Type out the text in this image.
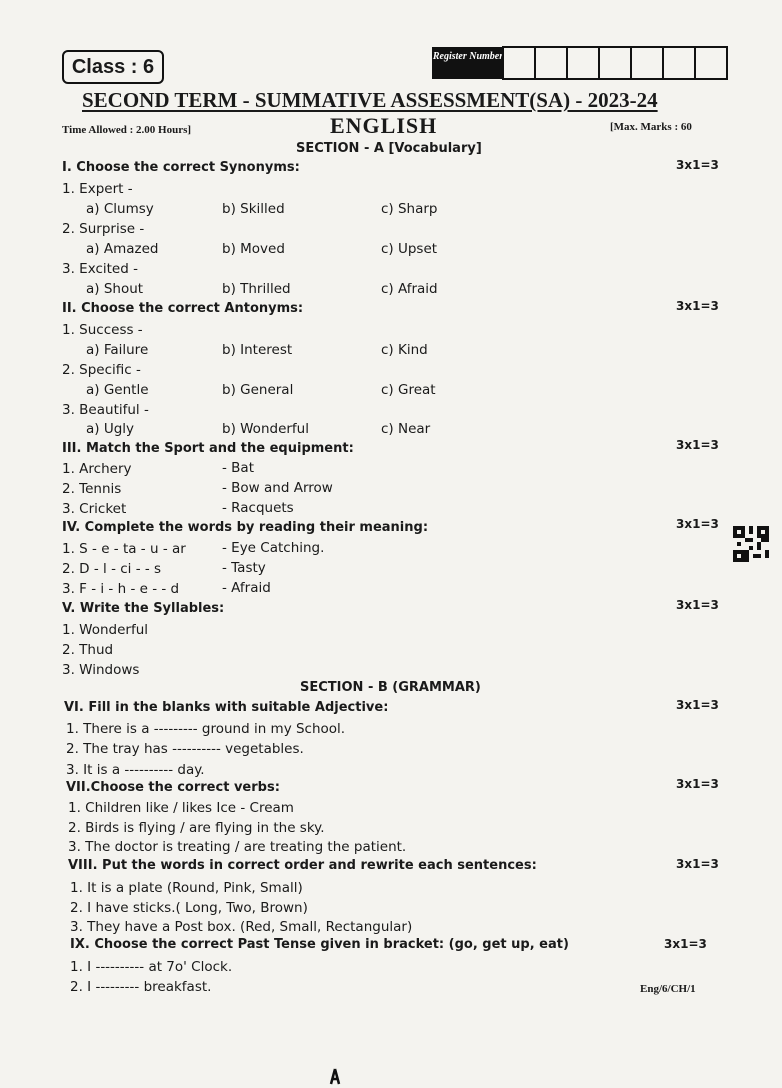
Class : 6	Register Number
SECOND TERM - SUMMATIVE ASSESSMENT(SA) - 2023-24
Time Allowed : 2.00 Hours]	ENGLISH	[Max. Marks : 60
SECTION - A [Vocabulary]
I. Choose the correct Synonyms:	3x1=3
1. Expert -
a) Clumsy	b) Skilled	c) Sharp
2. Surprise -
a) Amazed	b) Moved	c) Upset
3. Excited -
a) Shout	b) Thrilled	c) Afraid
II. Choose the correct Antonyms:	3x1=3
1. Success -
a) Failure	b) Interest	c) Kind
2. Specific -
a) Gentle	b) General	c) Great
3. Beautiful -
a) Ugly	b) Wonderful	c) Near
III. Match the Sport and the equipment:	3x1=3
1. Archery	- Bat
2. Tennis	- Bow and Arrow
3. Cricket	- Racquets
IV. Complete the words by reading their meaning:	3x1=3
1. S - e - ta - u - ar	- Eye Catching.
2. D - l - ci - - s	- Tasty
3. F - i - h - e - - d	- Afraid
V. Write the Syllables:	3x1=3
1. Wonderful
2. Thud
3. Windows
SECTION - B (GRAMMAR)
VI. Fill in the blanks with suitable Adjective:	3x1=3
1. There is a --------- ground in my School.
2. The tray has ---------- vegetables.
3. It is a ---------- day.
VII.Choose the correct verbs:	3x1=3
1. Children like / likes Ice - Cream
2. Birds is flying / are flying in the sky.
3. The doctor is treating / are treating the patient.
VIII. Put the words in correct order and rewrite each sentences:	3x1=3
1. It is a plate (Round, Pink, Small)
2. I have sticks.( Long, Two, Brown)
3. They have a Post box. (Red, Small, Rectangular)
IX. Choose the correct Past Tense given in bracket: (go, get up, eat)	3x1=3
1. I ---------- at 7o' Clock.
2. I --------- breakfast.	Eng/6/CH/1
